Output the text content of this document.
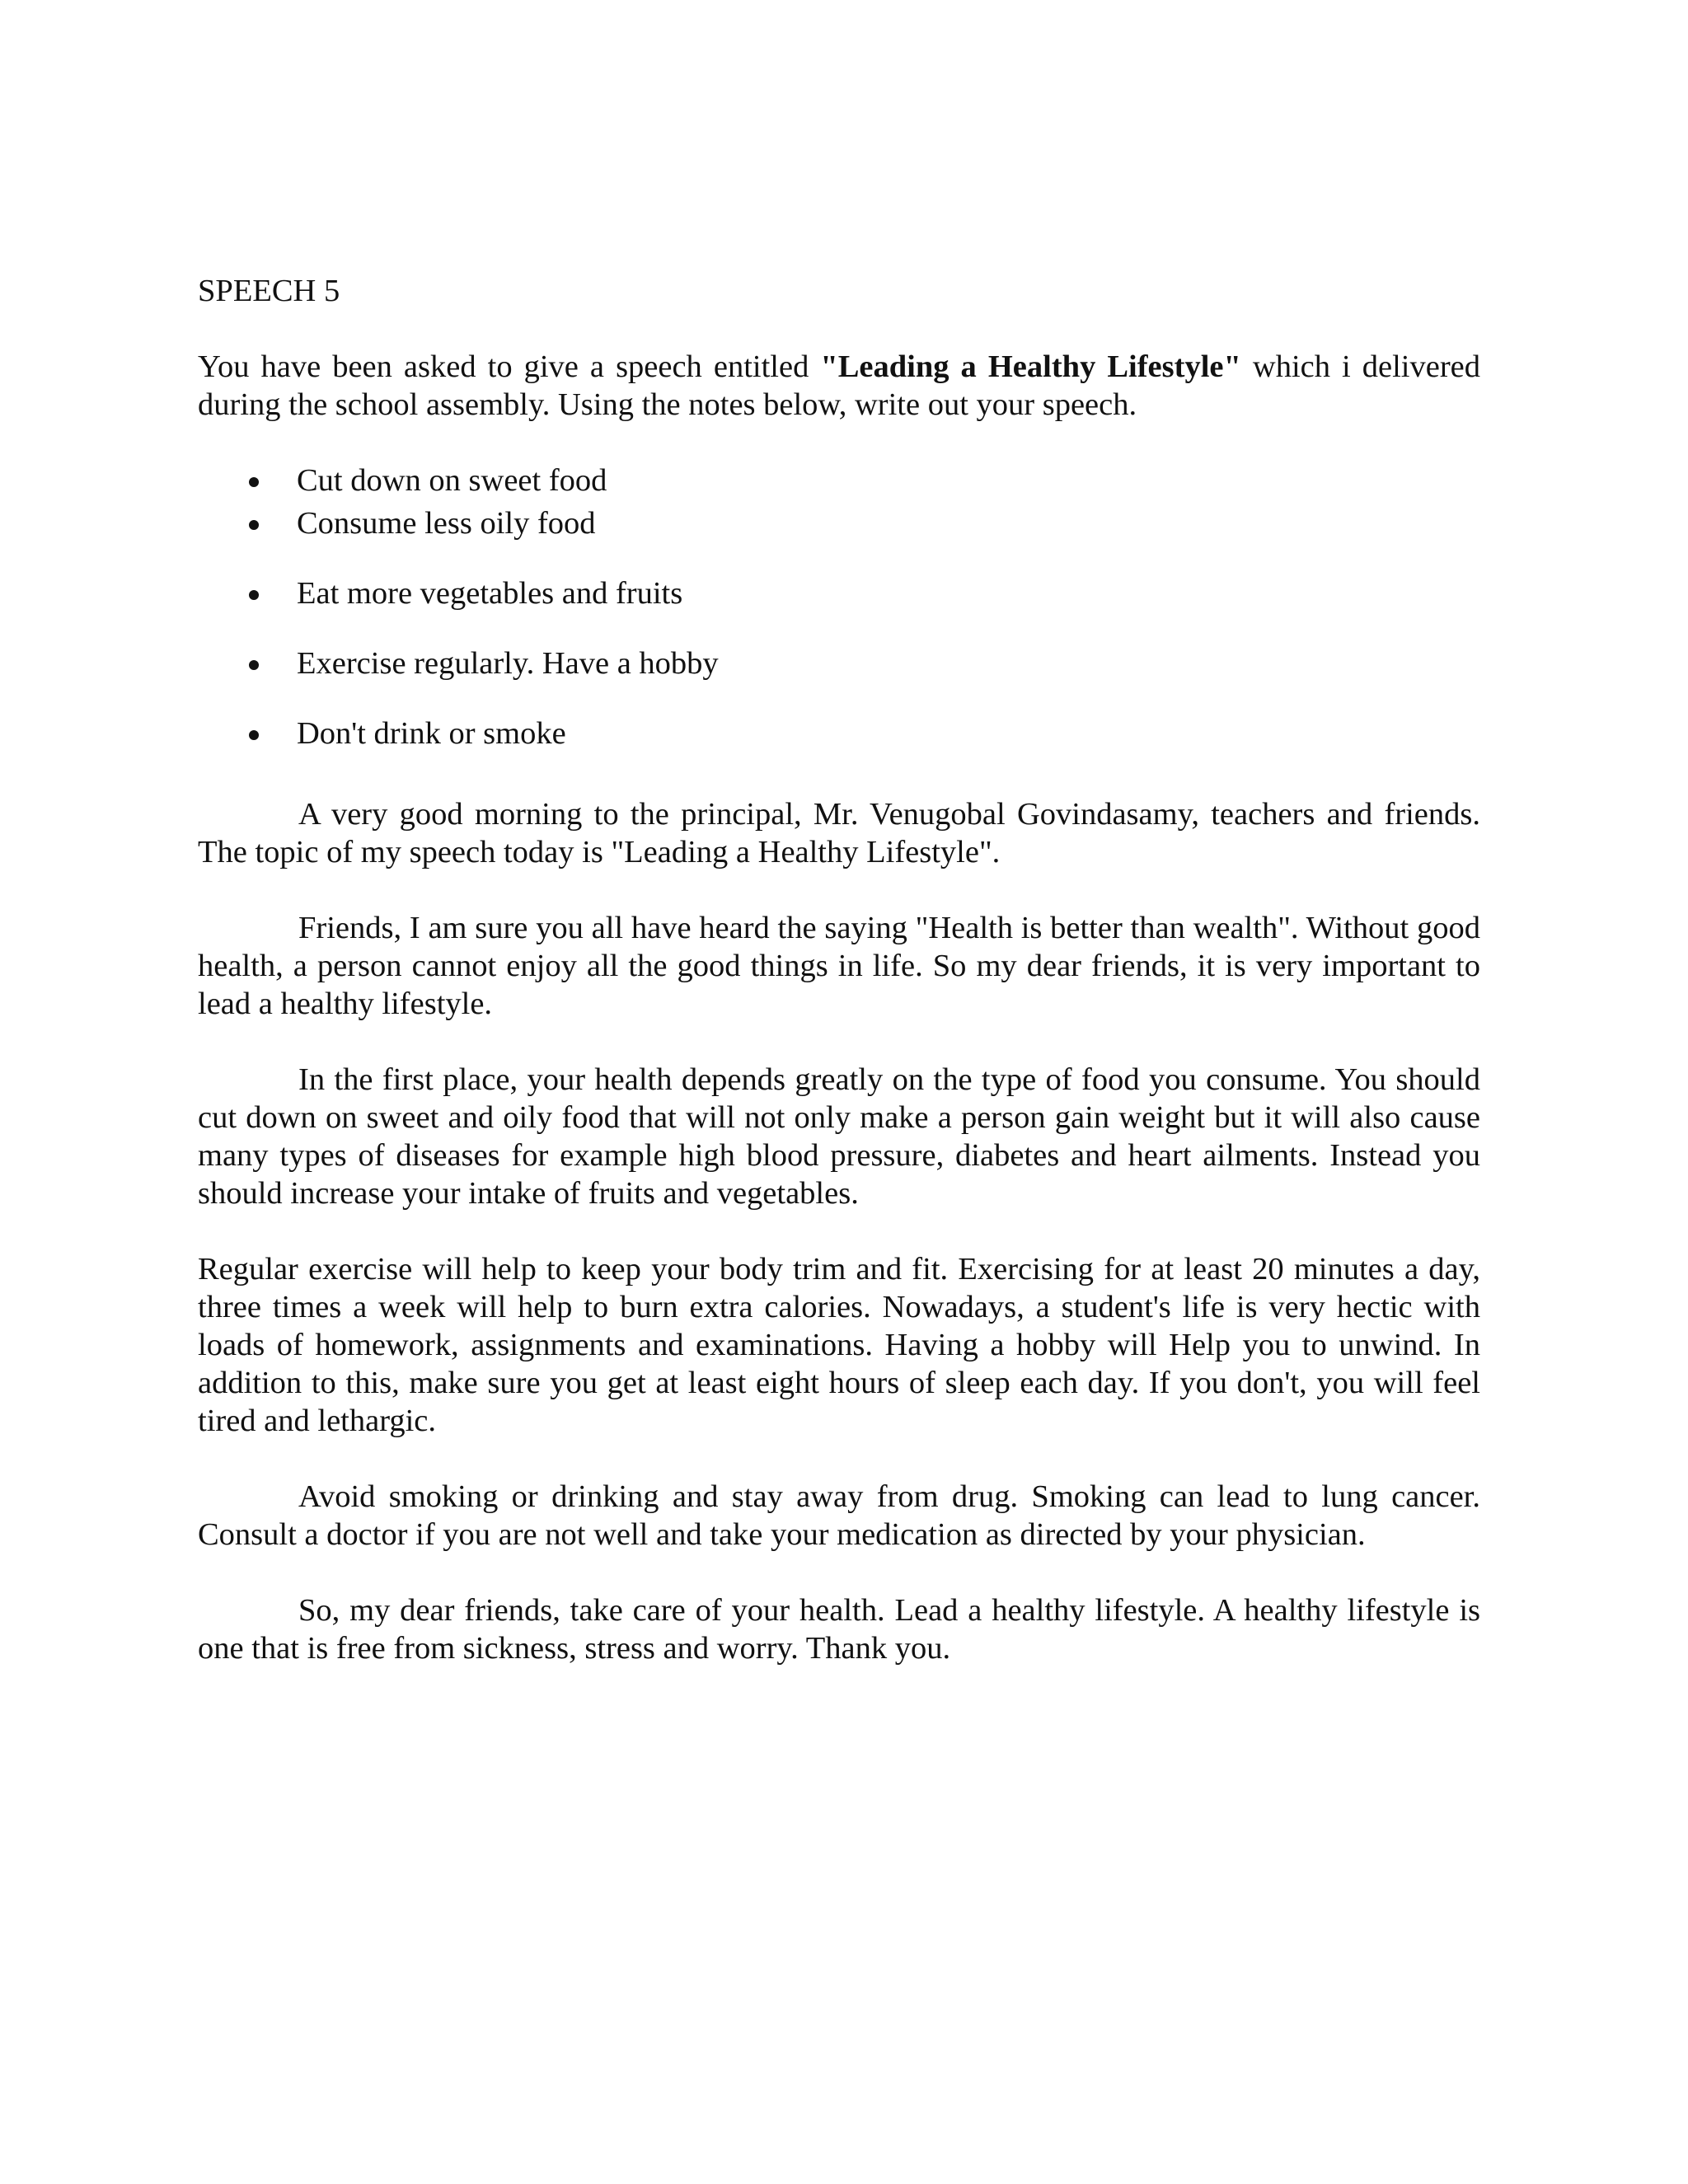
SPEECH 5

You have been asked to give a speech entitled "Leading a Healthy Lifestyle" which i delivered during the school assembly. Using the notes below, write out your speech.

Cut down on sweet food
Consume less oily food
Eat more vegetables and fruits
Exercise regularly. Have a hobby
Don't drink or smoke

A very good morning to the principal, Mr. Venugobal Govindasamy, teachers and friends. The topic of my speech today is "Leading a Healthy Lifestyle".

Friends, I am sure you all have heard the saying "Health is better than wealth". Without good health, a person cannot enjoy all the good things in life. So my dear friends, it is very important to lead a healthy lifestyle.

In the first place, your health depends greatly on the type of food you consume. You should cut down on sweet and oily food that will not only make a person gain weight but it will also cause many types of diseases for example high blood pressure, diabetes and heart ailments. Instead you should increase your intake of fruits and vegetables.

Regular exercise will help to keep your body trim and fit. Exercising for at least 20 minutes a day, three times a week will help to burn extra calories. Nowadays, a student's life is very hectic with loads of homework, assignments and examinations. Having a hobby will Help you to unwind. In addition to this, make sure you get at least eight hours of sleep each day. If you don't, you will feel tired and lethargic.

Avoid smoking or drinking and stay away from drug. Smoking can lead to lung cancer. Consult a doctor if you are not well and take your medication as directed by your physician.

So, my dear friends, take care of your health. Lead a healthy lifestyle. A healthy lifestyle is one that is free from sickness, stress and worry. Thank you.
